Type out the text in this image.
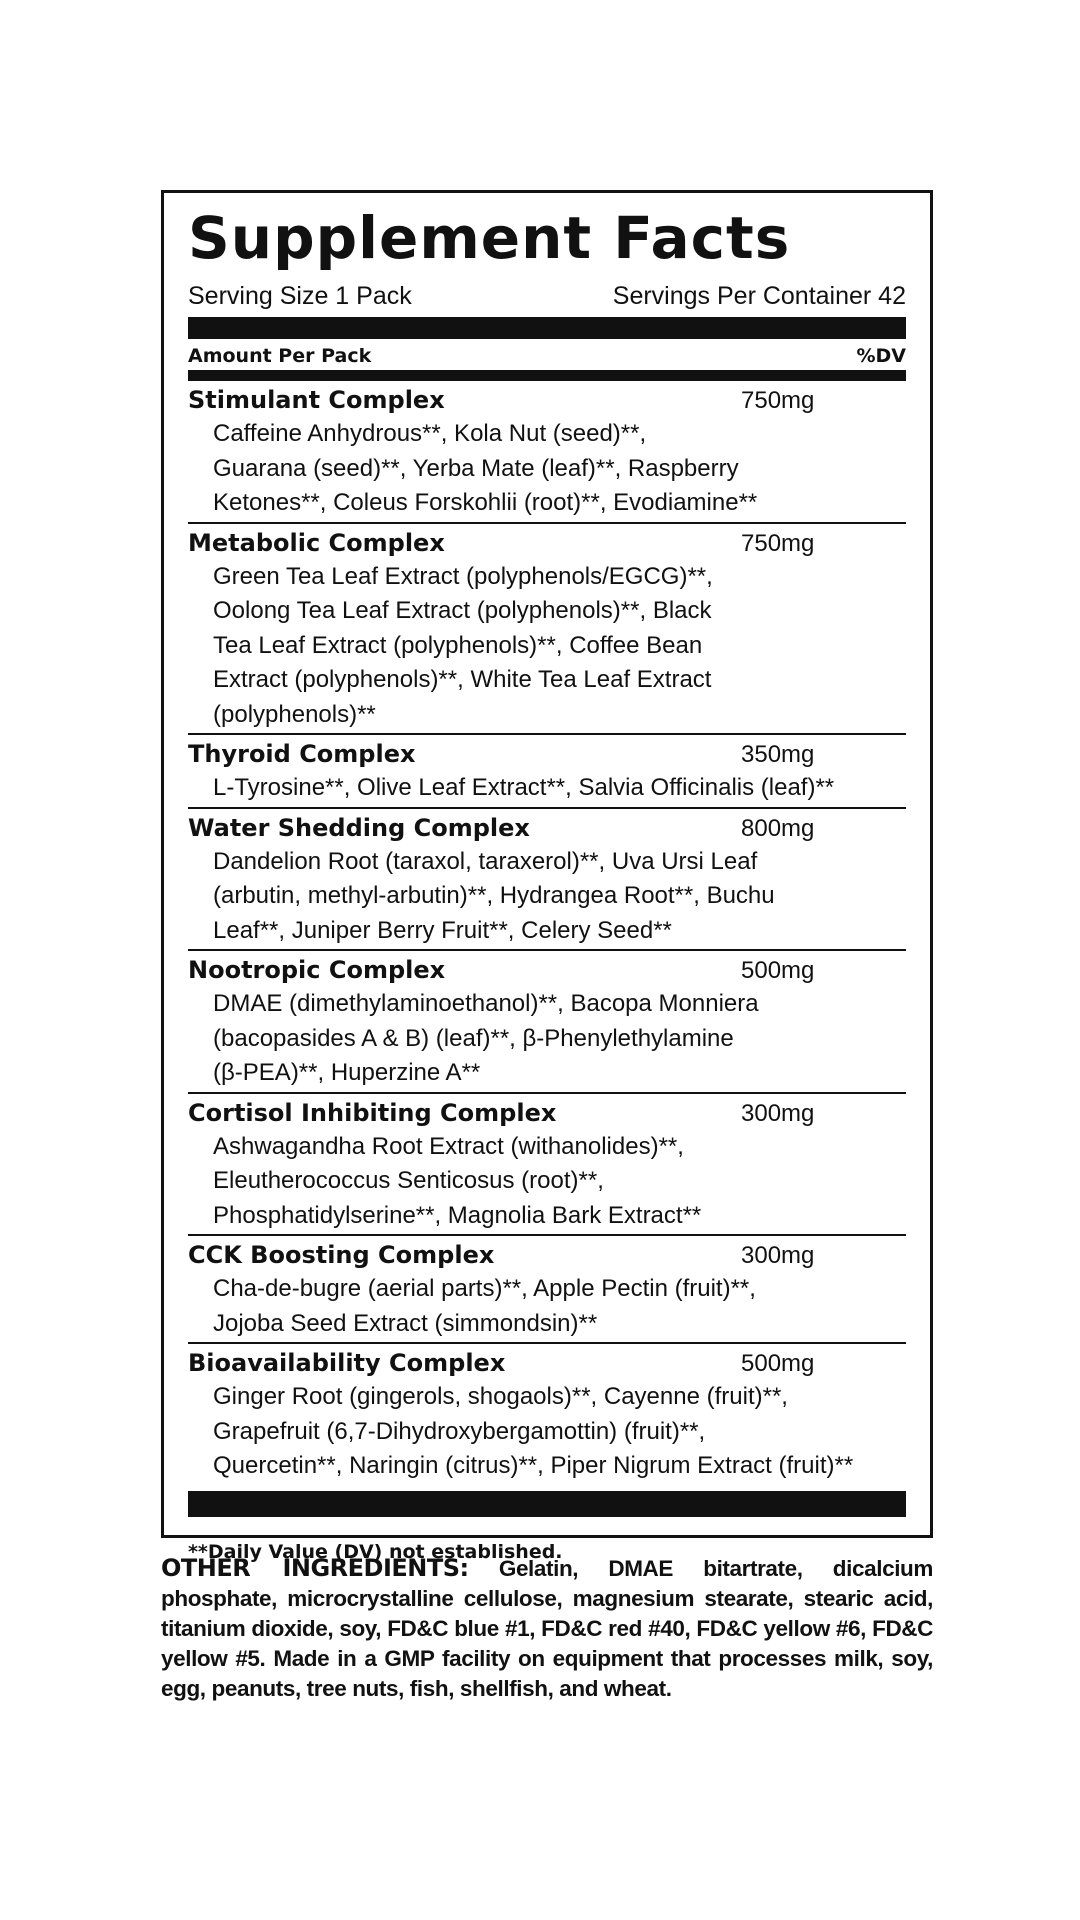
Supplement Facts
Serving Size 1 Pack	Servings Per Container 42
Amount Per Pack	%DV
Stimulant Complex	750mg
Caffeine Anhydrous**, Kola Nut (seed)**,
Guarana (seed)**, Yerba Mate (leaf)**, Raspberry
Ketones**, Coleus Forskohlii (root)**, Evodiamine**
Metabolic Complex	750mg
Green Tea Leaf Extract (polyphenols/EGCG)**,
Oolong Tea Leaf Extract (polyphenols)**, Black
Tea Leaf Extract (polyphenols)**, Coffee Bean
Extract (polyphenols)**, White Tea Leaf Extract
(polyphenols)**
Thyroid Complex	350mg
L-Tyrosine**, Olive Leaf Extract**, Salvia Officinalis (leaf)**
Water Shedding Complex	800mg
Dandelion Root (taraxol, taraxerol)**, Uva Ursi Leaf
(arbutin, methyl-arbutin)**, Hydrangea Root**, Buchu
Leaf**, Juniper Berry Fruit**, Celery Seed**
Nootropic Complex	500mg
DMAE (dimethylaminoethanol)**, Bacopa Monniera
(bacopasides A & B) (leaf)**, β-Phenylethylamine
(β-PEA)**, Huperzine A**
Cortisol Inhibiting Complex	300mg
Ashwagandha Root Extract (withanolides)**,
Eleutherococcus Senticosus (root)**,
Phosphatidylserine**, Magnolia Bark Extract**
CCK Boosting Complex	300mg
Cha-de-bugre (aerial parts)**, Apple Pectin (fruit)**,
Jojoba Seed Extract (simmondsin)**
Bioavailability Complex	500mg
Ginger Root (gingerols, shogaols)**, Cayenne (fruit)**,
Grapefruit (6,7-Dihydroxybergamottin) (fruit)**,
Quercetin**, Naringin (citrus)**, Piper Nigrum Extract (fruit)**
**Daily Value (DV) not established.
OTHER INGREDIENTS: Gelatin, DMAE bitartrate, dicalcium phosphate, microcrystalline cellulose, magnesium stearate, stearic acid, titanium dioxide, soy, FD&C blue #1, FD&C red #40, FD&C yellow #6, FD&C yellow #5. Made in a GMP facility on equipment that processes milk, soy, egg, peanuts, tree nuts, fish, shellfish, and wheat.
